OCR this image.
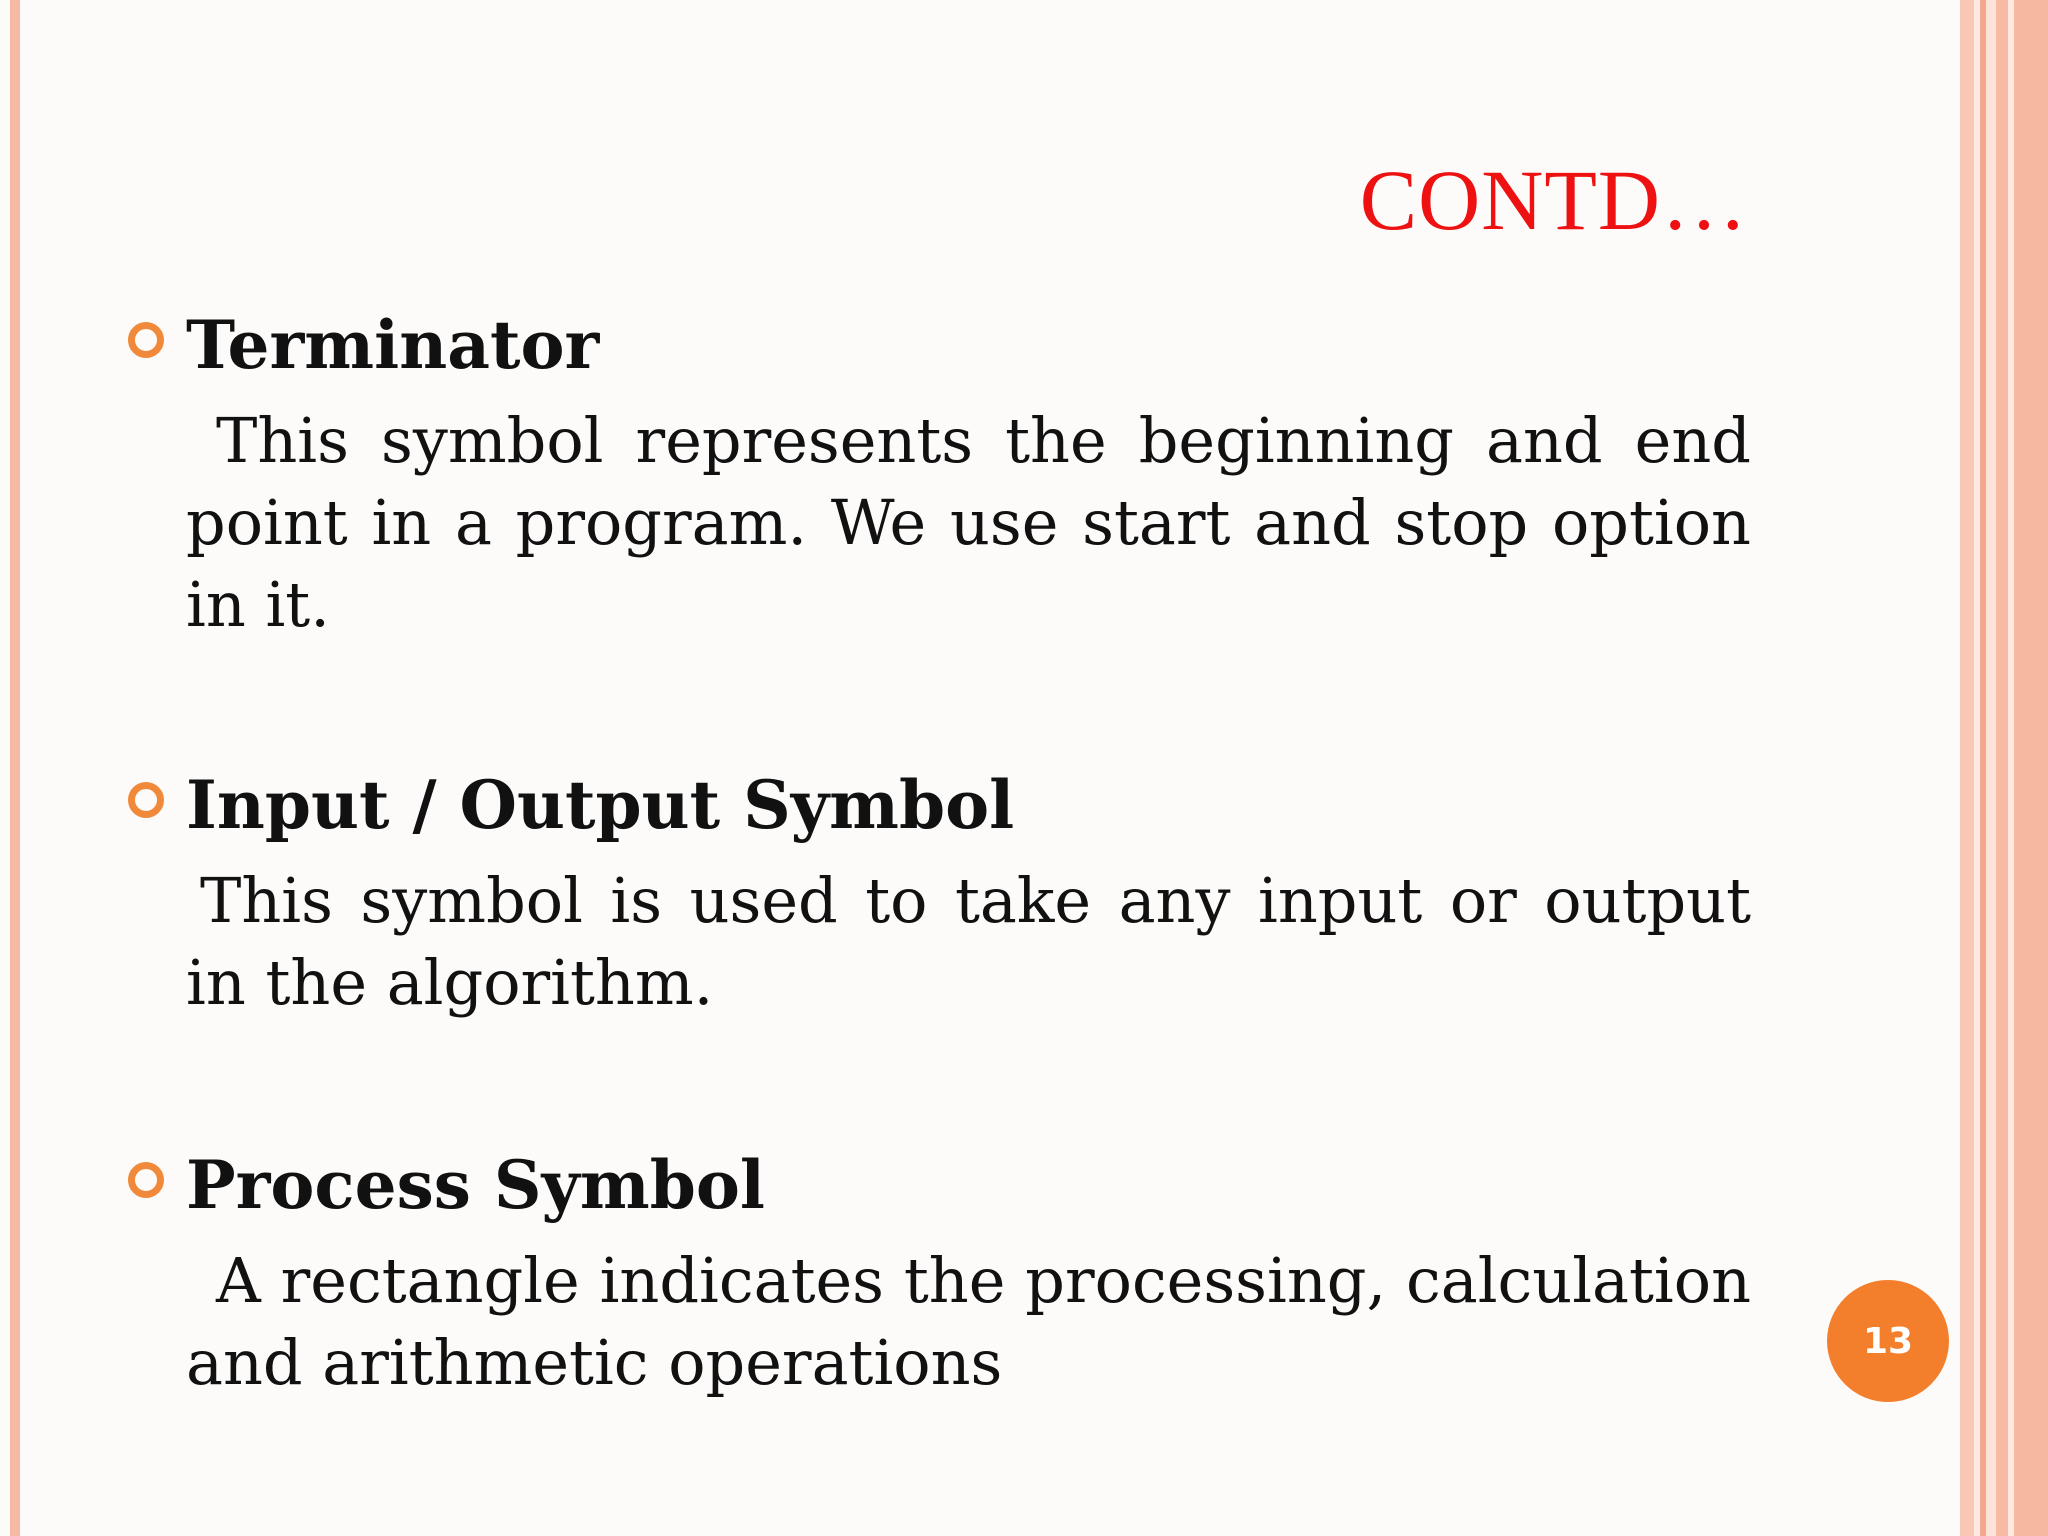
CONTD…
Terminator
This symbol represents the beginning and end point in a program. We use start and stop option in it.
Input / Output Symbol
This symbol is used to take any input or output in the algorithm.
Process Symbol
A rectangle indicates the processing, calculation and arithmetic operations	13
